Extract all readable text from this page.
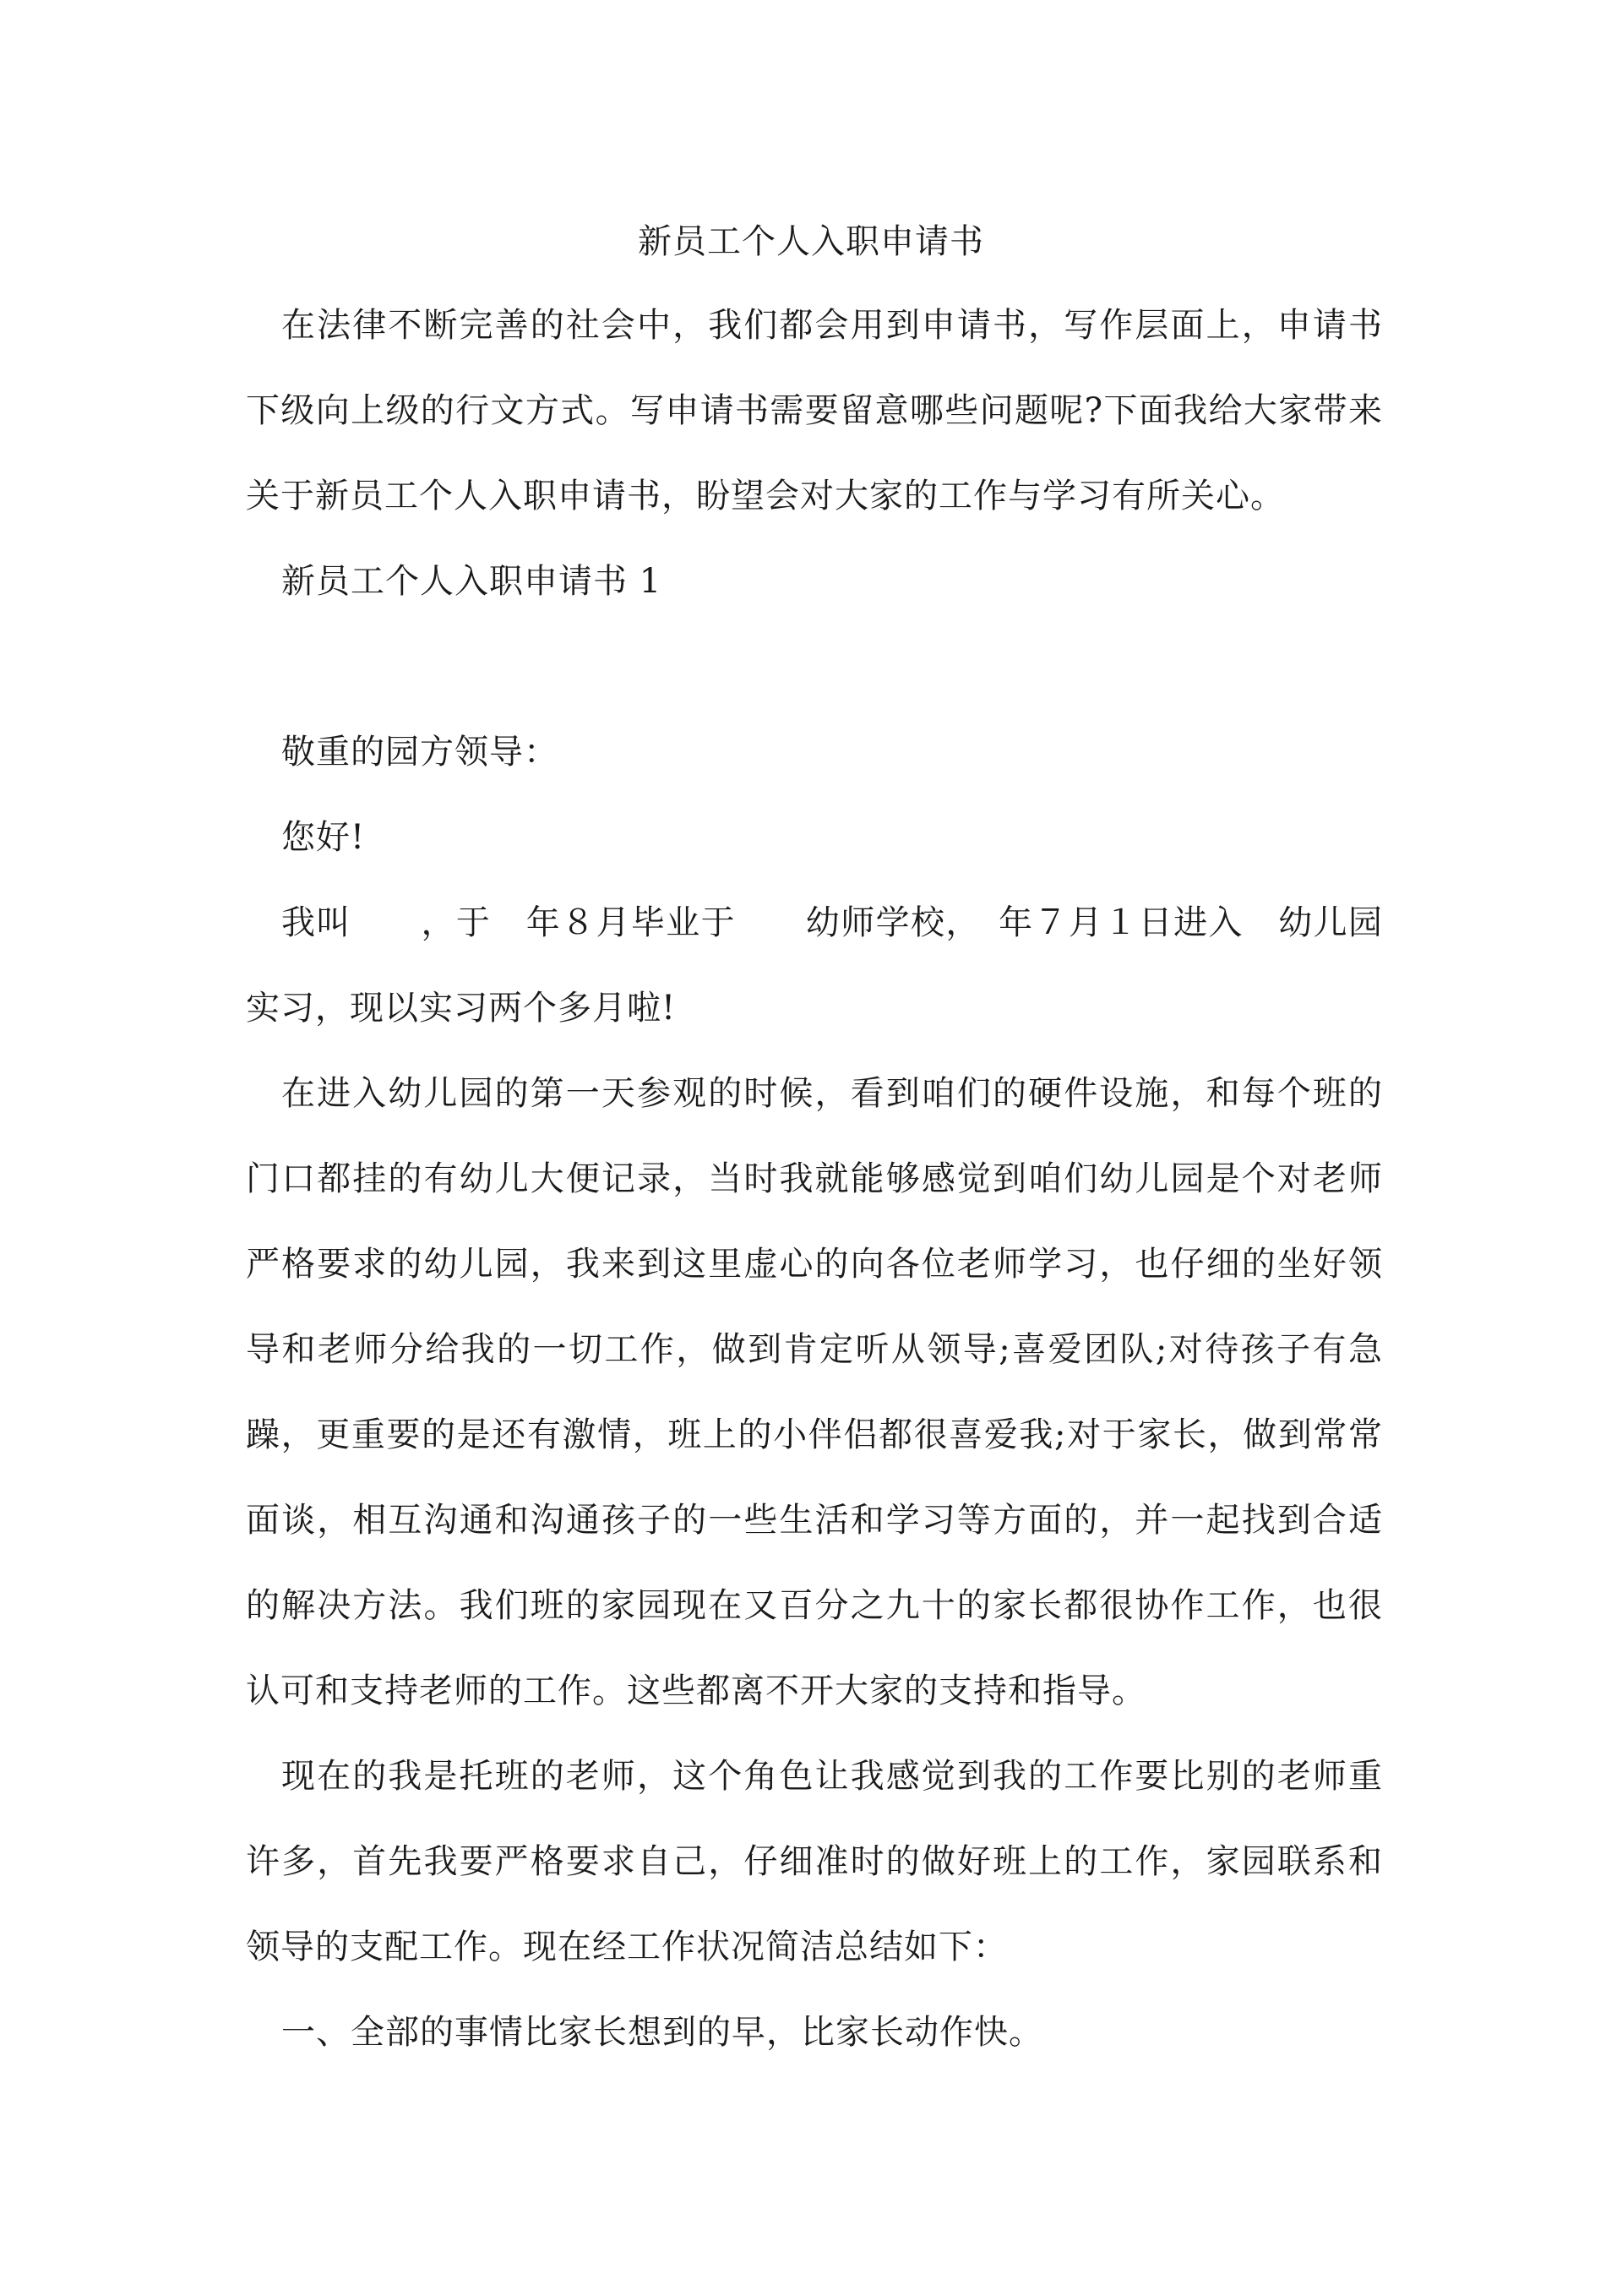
新员工个人入职申请书

在法律不断完善的社会中，我们都会用到申请书，写作层面上，申请书下级向上级的行文方式。写申请书需要留意哪些问题呢?下面我给大家带来关于新员工个人入职申请书，盼望会对大家的工作与学习有所关心。

新员工个人入职申请书 1

敬重的园方领导：

您好!

我叫　　，于　年８月毕业于　　幼师学校，　年７月１日进入　幼儿园实习，现以实习两个多月啦!

在进入幼儿园的第一天参观的时候，看到咱们的硬件设施，和每个班的门口都挂的有幼儿大便记录，当时我就能够感觉到咱们幼儿园是个对老师严格要求的幼儿园，我来到这里虚心的向各位老师学习，也仔细的坐好领导和老师分给我的一切工作，做到肯定听从领导;喜爱团队;对待孩子有急躁，更重要的是还有激情，班上的小伴侣都很喜爱我;对于家长，做到常常面谈，相互沟通和沟通孩子的一些生活和学习等方面的，并一起找到合适的解决方法。我们班的家园现在又百分之九十的家长都很协作工作，也很认可和支持老师的工作。这些都离不开大家的支持和指导。

现在的我是托班的老师，这个角色让我感觉到我的工作要比别的老师重许多，首先我要严格要求自己，仔细准时的做好班上的工作，家园联系和领导的支配工作。现在经工作状况简洁总结如下：

一、全部的事情比家长想到的早，比家长动作快。
